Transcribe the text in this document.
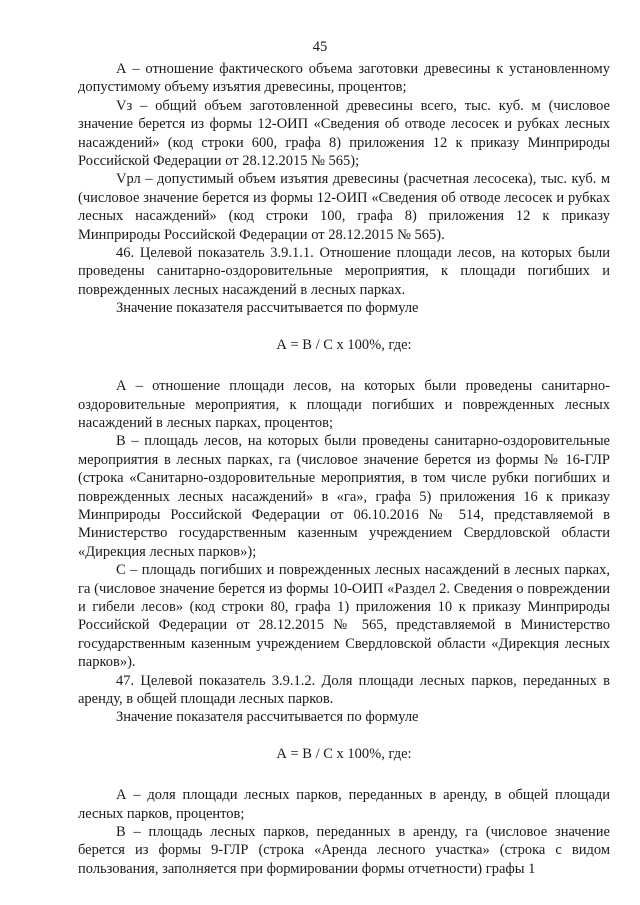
45

А – отношение фактического объема заготовки древесины к установленному допустимому объему изъятия древесины, процентов;

Vз – общий объем заготовленной древесины всего, тыс. куб. м (числовое значение берется из формы 12-ОИП «Сведения об отводе лесосек и рубках лесных насаждений» (код строки 600, графа 8) приложения 12 к приказу Минприроды Российской Федерации от 28.12.2015 № 565);

Vрл – допустимый объем изъятия древесины (расчетная лесосека), тыс. куб. м (числовое значение берется из формы 12-ОИП «Сведения об отводе лесосек и рубках лесных насаждений» (код строки 100, графа 8) приложения 12 к приказу Минприроды Российской Федерации от 28.12.2015 № 565).

46. Целевой показатель 3.9.1.1. Отношение площади лесов, на которых были проведены санитарно-оздоровительные мероприятия, к площади погибших и поврежденных лесных насаждений в лесных парках.

Значение показателя рассчитывается по формуле

А = В / С х 100%, где:

А – отношение площади лесов, на которых были проведены санитарно-оздоровительные мероприятия, к площади погибших и поврежденных лесных насаждений в лесных парках, процентов;

В – площадь лесов, на которых были проведены санитарно-оздоровительные мероприятия в лесных парках, га (числовое значение берется из формы № 16-ГЛР (строка «Санитарно-оздоровительные мероприятия, в том числе рубки погибших и поврежденных лесных насаждений» в «га», графа 5) приложения 16 к приказу Минприроды Российской Федерации от 06.10.2016 № 514, представляемой в Министерство государственным казенным учреждением Свердловской области «Дирекция лесных парков»);

С – площадь погибших и поврежденных лесных насаждений в лесных парках, га (числовое значение берется из формы 10-ОИП «Раздел 2. Сведения о повреждении и гибели лесов» (код строки 80, графа 1) приложения 10 к приказу Минприроды Российской Федерации от 28.12.2015 № 565, представляемой в Министерство государственным казенным учреждением Свердловской области «Дирекция лесных парков»).

47. Целевой показатель 3.9.1.2. Доля площади лесных парков, переданных в аренду, в общей площади лесных парков.

Значение показателя рассчитывается по формуле

А = В / С х 100%, где:

А – доля площади лесных парков, переданных в аренду, в общей площади лесных парков, процентов;

В – площадь лесных парков, переданных в аренду, га (числовое значение берется из формы 9-ГЛР (строка «Аренда лесного участка» (строка с видом пользования, заполняется при формировании формы отчетности) графы 1
